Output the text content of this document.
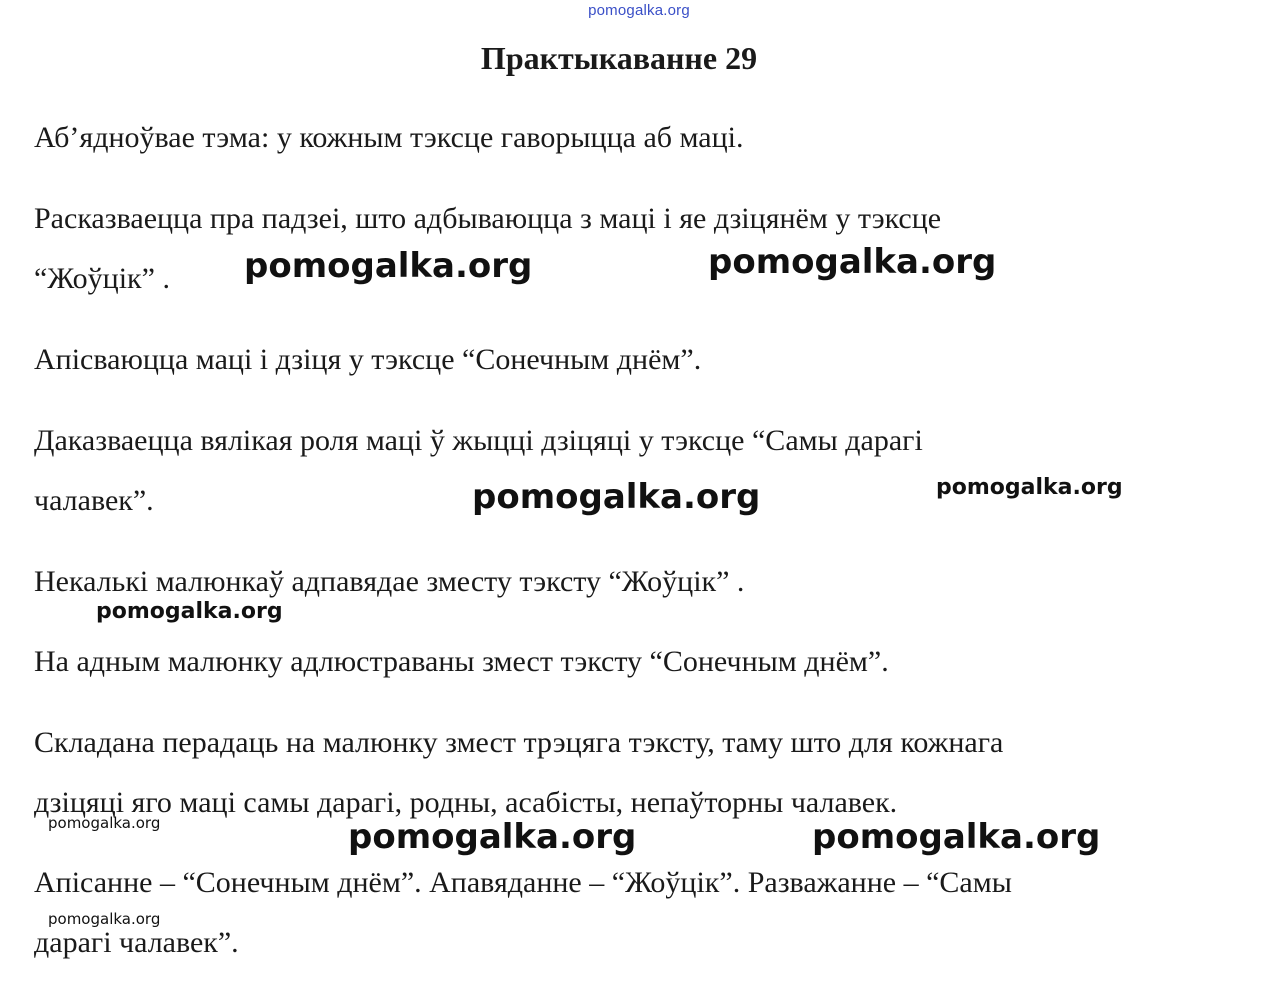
pomogalka.org
Практыкаванне 29
Аб’ядноўвае тэма: у кожным тэксце гаворыцца аб маці.
Расказваецца пра падзеі, што адбываюцца з маці і яе дзіцянём у тэксце
“Жоўцік” .
Апісваюцца маці і дзіця у тэксце “Сонечным днём”.
Даказваецца вялікая роля маці ў жыцці дзіцяці у тэксце “Самы дарагі
чалавек”.
Некалькі малюнкаў адпавядае зместу тэксту “Жоўцік” .
На адным малюнку адлюстраваны змест тэксту “Сонечным днём”.
Складана перадаць на малюнку змест трэцяга тэксту, таму што для кожнага
дзіцяці яго маці самы дарагі, родны, асабісты, непаўторны чалавек.
Апісанне – “Сонечным днём”. Апавяданне – “Жоўцік”. Разважанне – “Самы
дарагі чалавек”.
pomogalka.org	pomogalka.org
pomogalka.org	pomogalka.org
pomogalka.org
pomogalka.org	pomogalka.org	pomogalka.org
pomogalka.org
